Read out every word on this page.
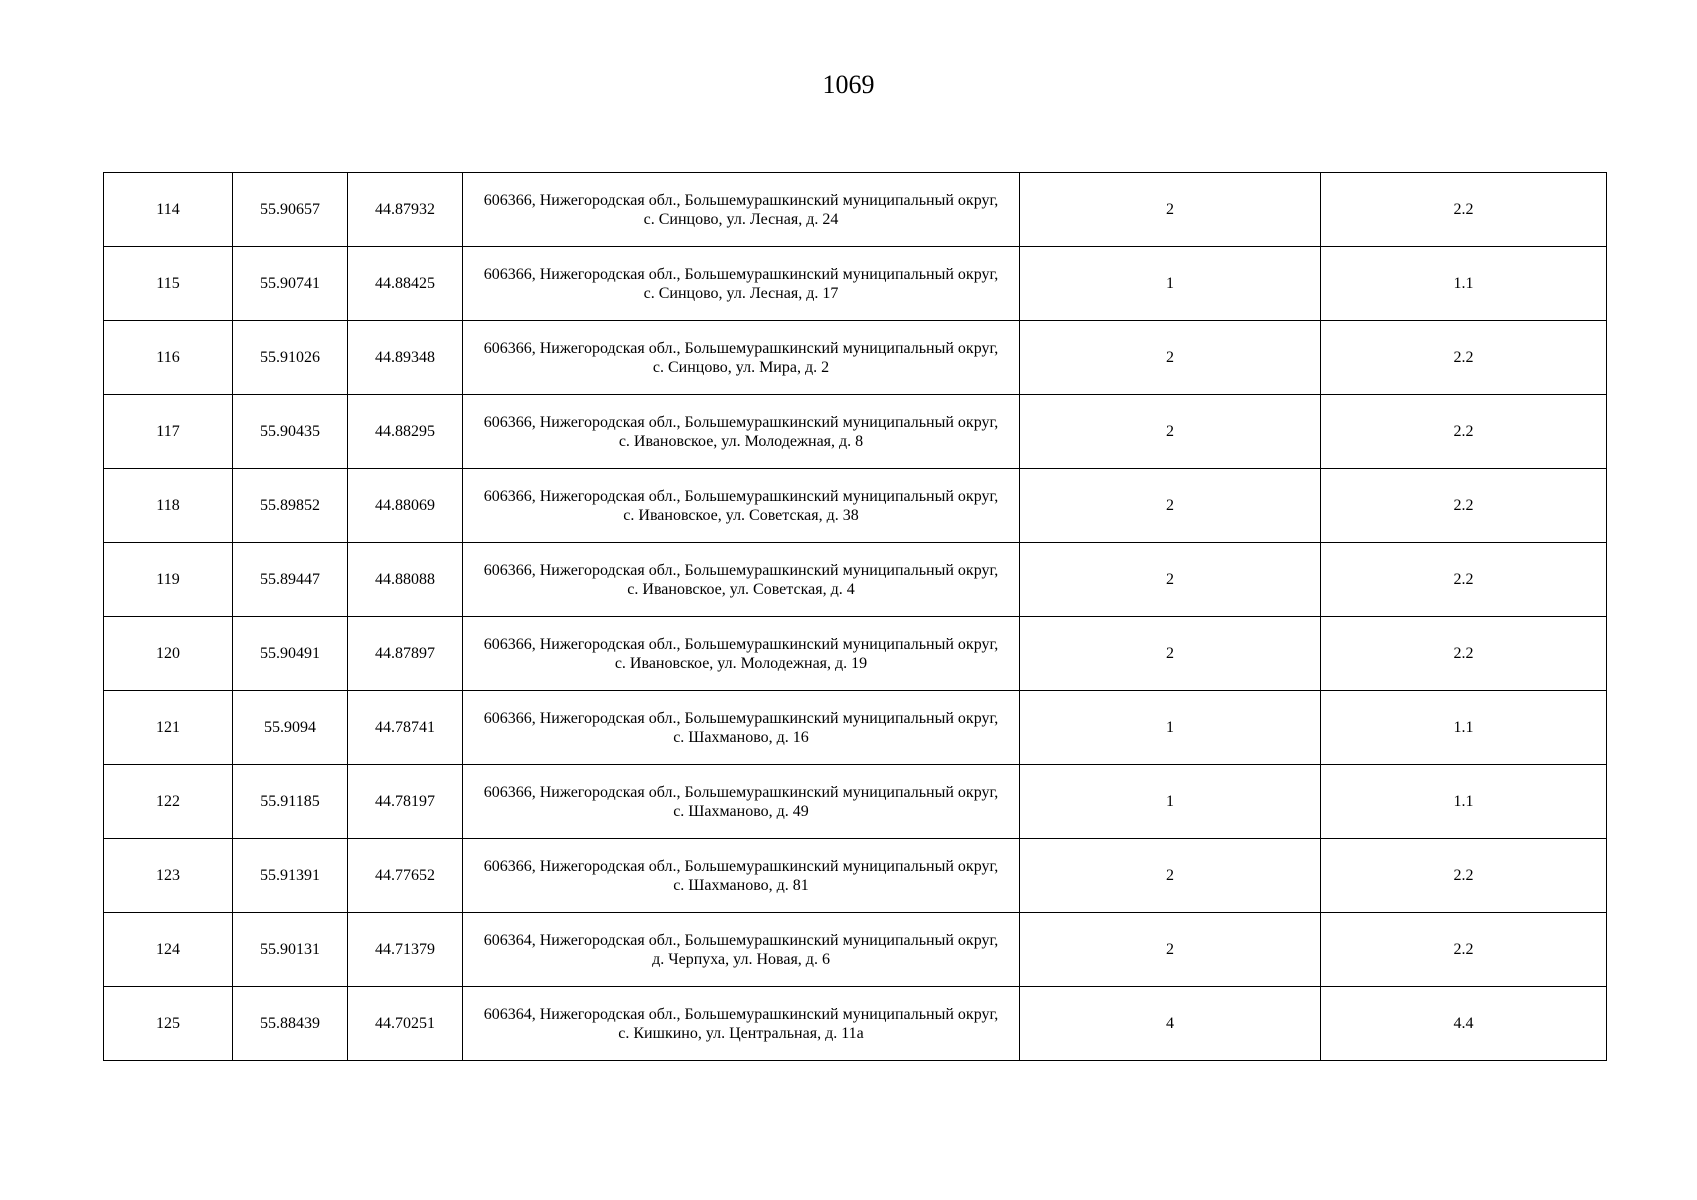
1069
114	55.90657	44.87932	606366, Нижегородская обл., Большемурашкинский муниципальный округ,
с. Синцово, ул. Лесная, д. 24	2	2.2
115	55.90741	44.88425	606366, Нижегородская обл., Большемурашкинский муниципальный округ,
с. Синцово, ул. Лесная, д. 17	1	1.1
116	55.91026	44.89348	606366, Нижегородская обл., Большемурашкинский муниципальный округ,
с. Синцово, ул. Мира, д. 2	2	2.2
117	55.90435	44.88295	606366, Нижегородская обл., Большемурашкинский муниципальный округ,
с. Ивановское, ул. Молодежная, д. 8	2	2.2
118	55.89852	44.88069	606366, Нижегородская обл., Большемурашкинский муниципальный округ,
с. Ивановское, ул. Советская, д. 38	2	2.2
119	55.89447	44.88088	606366, Нижегородская обл., Большемурашкинский муниципальный округ,
с. Ивановское, ул. Советская, д. 4	2	2.2
120	55.90491	44.87897	606366, Нижегородская обл., Большемурашкинский муниципальный округ,
с. Ивановское, ул. Молодежная, д. 19	2	2.2
121	55.9094	44.78741	606366, Нижегородская обл., Большемурашкинский муниципальный округ,
с. Шахманово, д. 16	1	1.1
122	55.91185	44.78197	606366, Нижегородская обл., Большемурашкинский муниципальный округ,
с. Шахманово, д. 49	1	1.1
123	55.91391	44.77652	606366, Нижегородская обл., Большемурашкинский муниципальный округ,
с. Шахманово, д. 81	2	2.2
124	55.90131	44.71379	606364, Нижегородская обл., Большемурашкинский муниципальный округ,
д. Черпуха, ул. Новая, д. 6	2	2.2
125	55.88439	44.70251	606364, Нижегородская обл., Большемурашкинский муниципальный округ,
с. Кишкино, ул. Центральная, д. 11а	4	4.4
